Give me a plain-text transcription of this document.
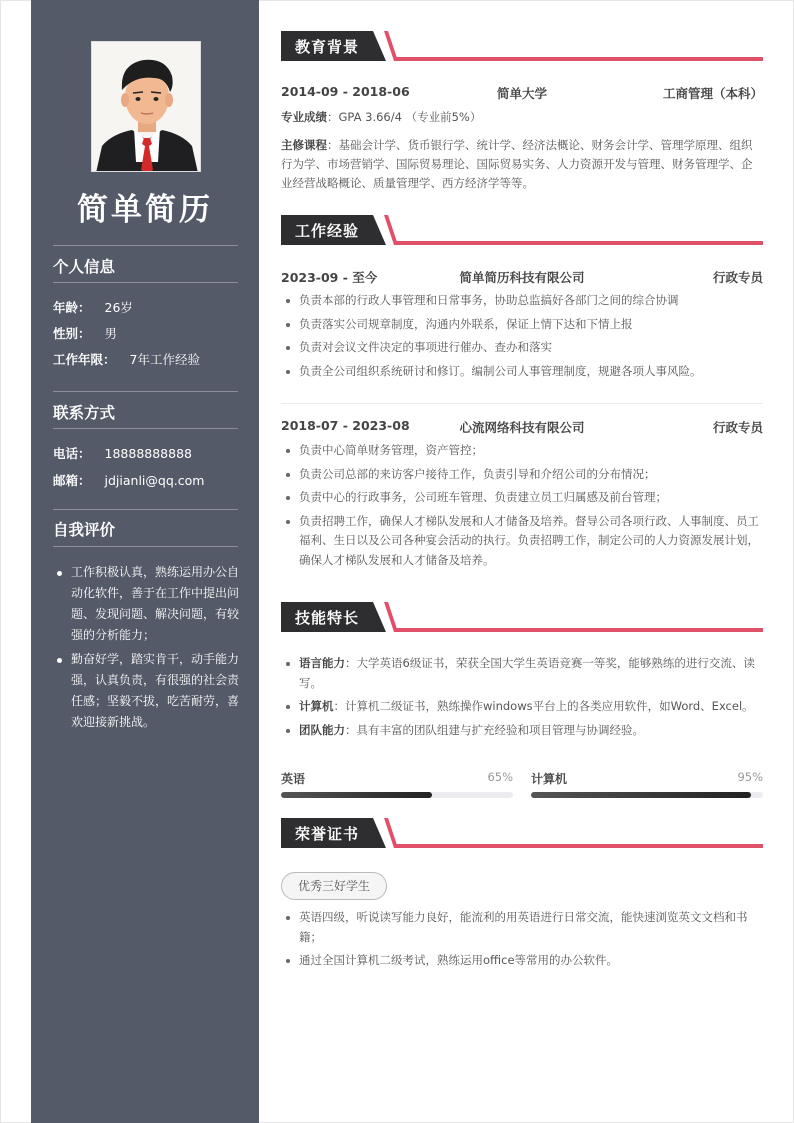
简单简历
个人信息
年龄： 26岁
性别： 男
工作年限： 7年工作经验
联系方式
电话： 18888888888
邮箱： jdjianli@qq.com
自我评价
工作积极认真，熟练运用办公自动化软件，善于在工作中提出问题、发现问题、解决问题，有较强的分析能力；
勤奋好学，踏实肯干，动手能力强，认真负责，有很强的社会责任感；坚毅不拔，吃苦耐劳，喜欢迎接新挑战。
教育背景
2014-09 - 2018-06	简单大学	工商管理（本科）
专业成绩：GPA 3.66/4 （专业前5%）
主修课程：基础会计学、货币银行学、统计学、经济法概论、财务会计学、管理学原理、组织行为学、市场营销学、国际贸易理论、国际贸易实务、人力资源开发与管理、财务管理学、企业经营战略概论、质量管理学、西方经济学等等。
工作经验
2023-09 - 至今	简单简历科技有限公司	行政专员
负责本部的行政人事管理和日常事务，协助总监搞好各部门之间的综合协调
负责落实公司规章制度，沟通内外联系，保证上情下达和下情上报
负责对会议文件决定的事项进行催办、查办和落实
负责全公司组织系统研讨和修订。编制公司人事管理制度，规避各项人事风险。
2018-07 - 2023-08	心流网络科技有限公司	行政专员
负责中心简单财务管理，资产管控；
负责公司总部的来访客户接待工作，负责引导和介绍公司的分布情况；
负责中心的行政事务，公司班车管理、负责建立员工归属感及前台管理；
负责招聘工作，确保人才梯队发展和人才储备及培养。督导公司各项行政、人事制度、员工福利、生日以及公司各种宴会活动的执行。负责招聘工作，制定公司的人力资源发展计划，确保人才梯队发展和人才储备及培养。
技能特长
语言能力：大学英语6级证书，荣获全国大学生英语竞赛一等奖，能够熟练的进行交流、读写。
计算机：计算机二级证书，熟练操作windows平台上的各类应用软件，如Word、Excel。
团队能力：具有丰富的团队组建与扩充经验和项目管理与协调经验。
英语	65% 计算机	95%
荣誉证书
优秀三好学生
英语四级，听说读写能力良好，能流利的用英语进行日常交流，能快速浏览英文文档和书籍；
通过全国计算机二级考试，熟练运用office等常用的办公软件。
